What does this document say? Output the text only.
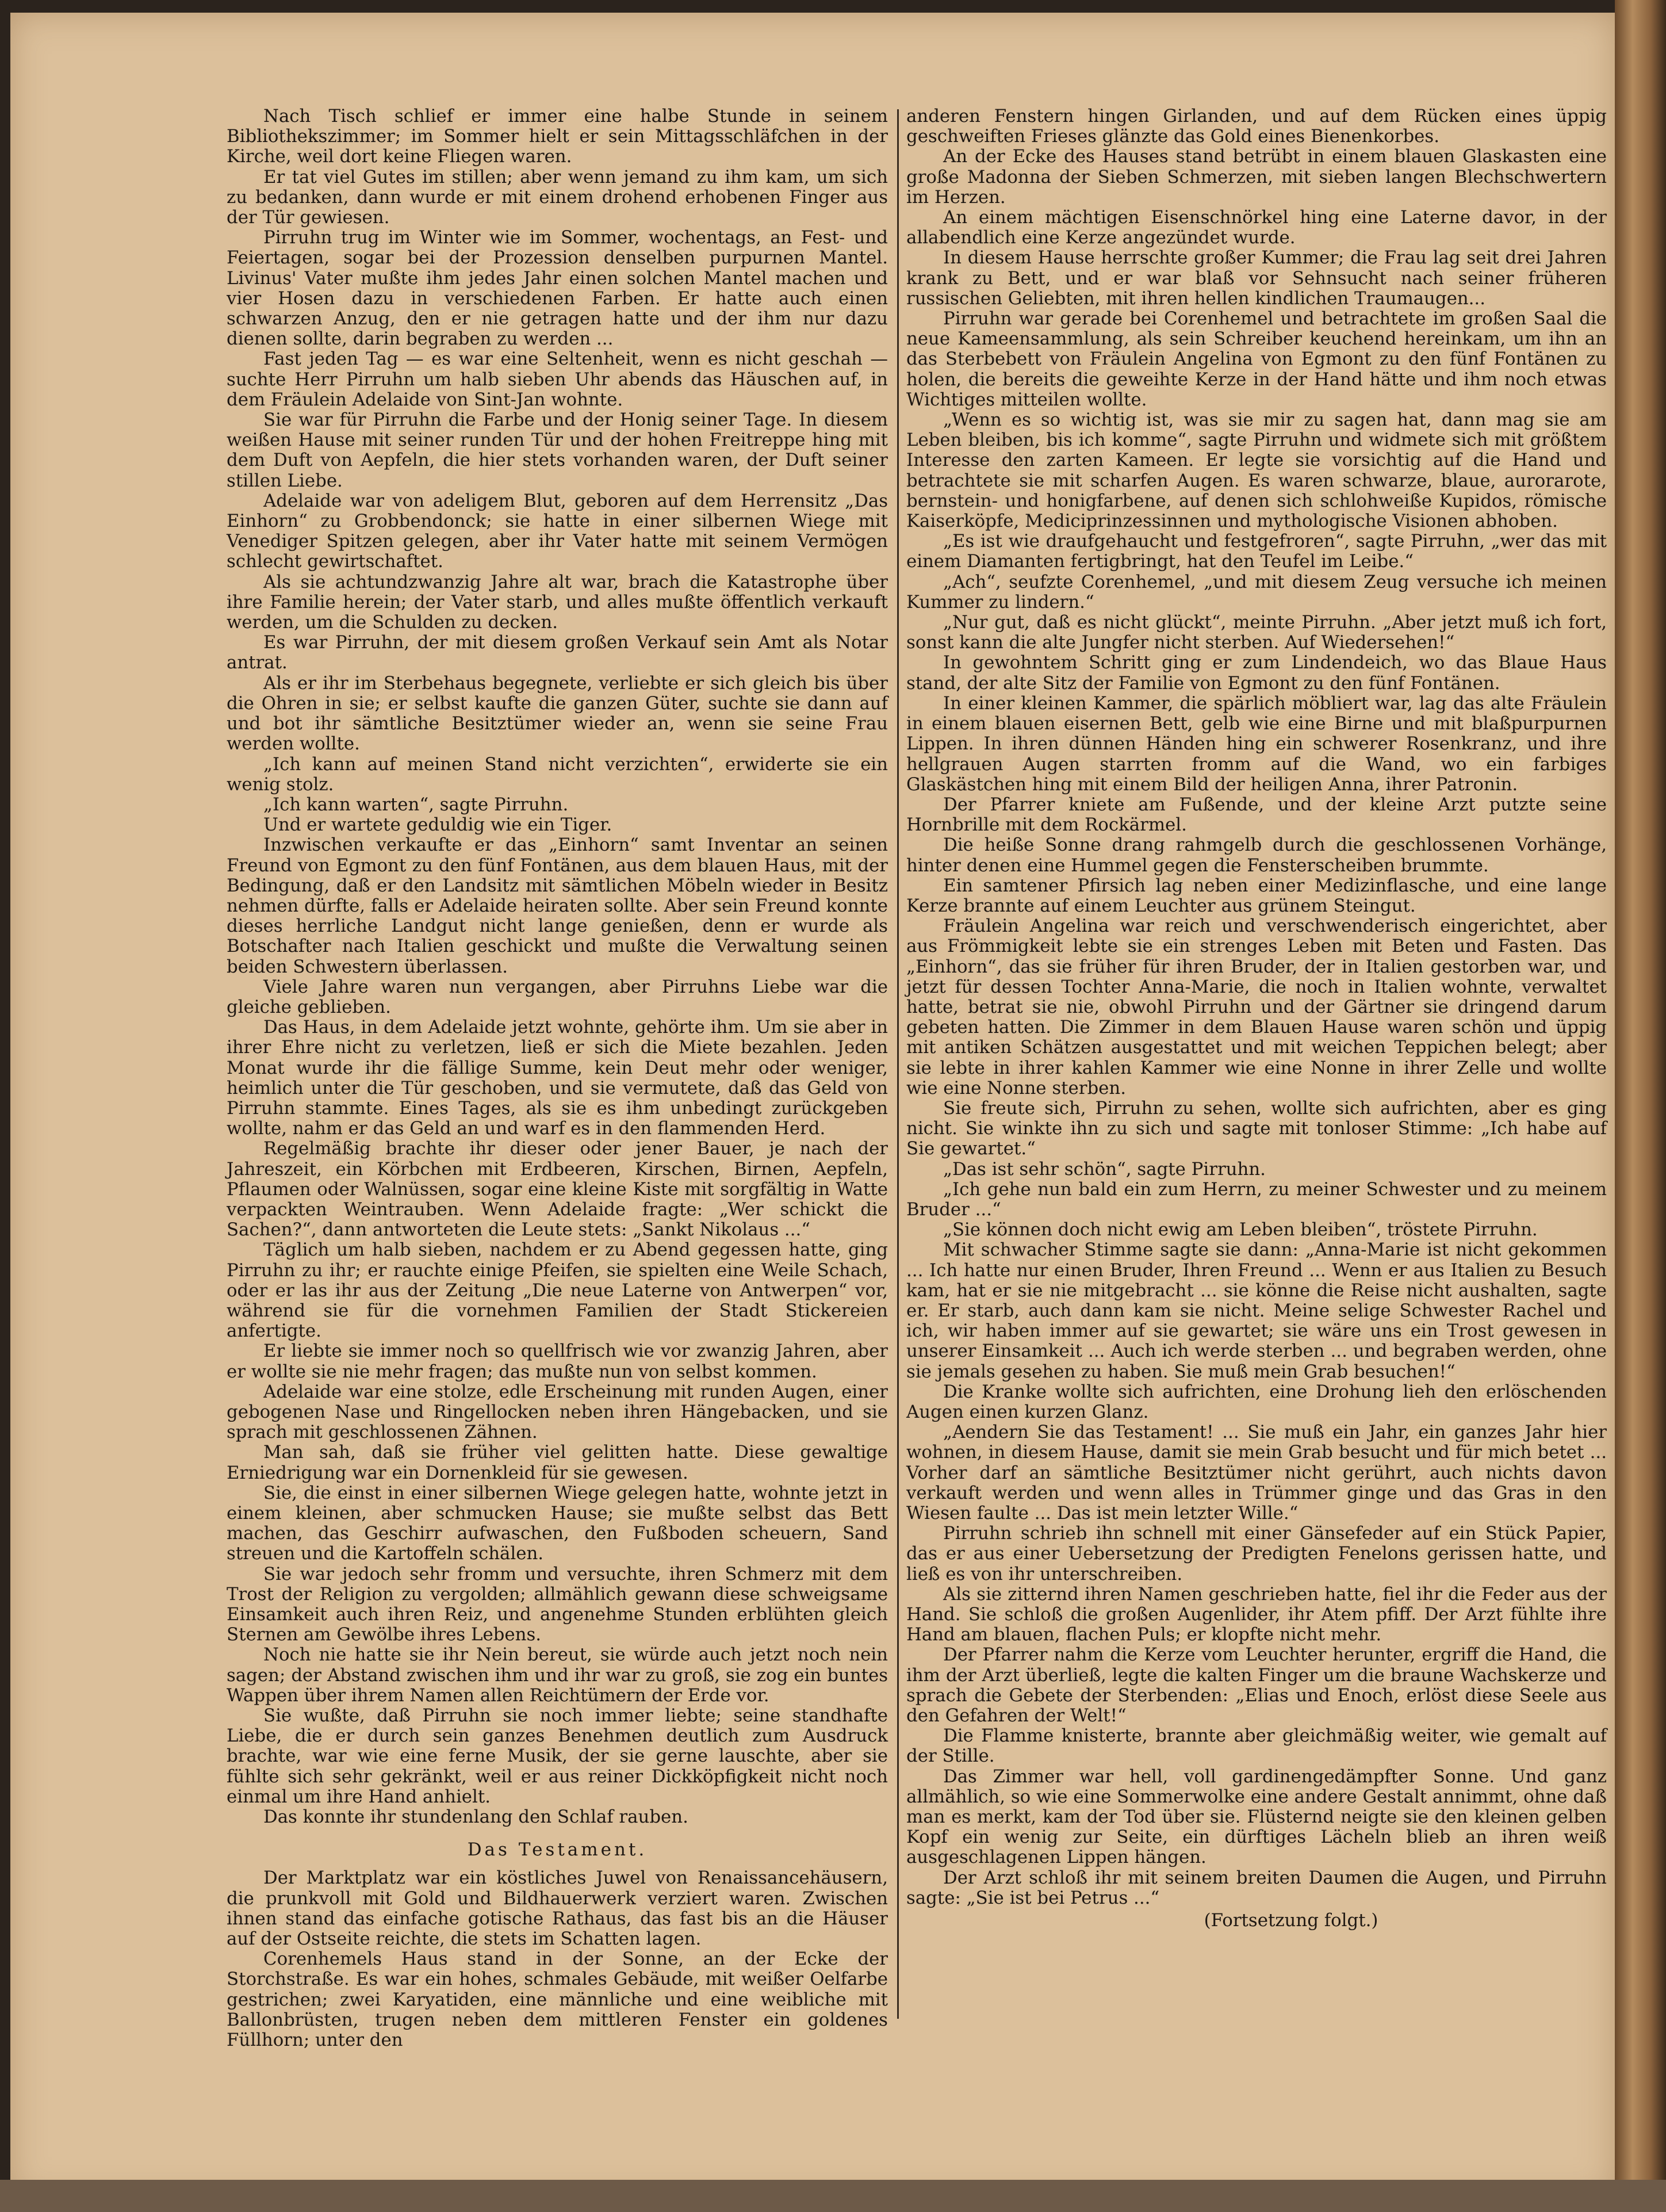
Nach Tisch schlief er immer eine halbe Stunde in seinem Bibliothekszimmer; im Sommer hielt er sein Mittagsschläfchen in der Kirche, weil dort keine Fliegen waren.

Er tat viel Gutes im stillen; aber wenn jemand zu ihm kam, um sich zu bedanken, dann wurde er mit einem drohend erhobenen Finger aus der Tür gewiesen.

Pirruhn trug im Winter wie im Sommer, wochentags, an Fest- und Feiertagen, sogar bei der Prozession denselben purpurnen Mantel. Livinus' Vater mußte ihm jedes Jahr einen solchen Mantel machen und vier Hosen dazu in verschiedenen Farben. Er hatte auch einen schwarzen Anzug, den er nie getragen hatte und der ihm nur dazu dienen sollte, darin begraben zu werden ...

Fast jeden Tag — es war eine Seltenheit, wenn es nicht geschah — suchte Herr Pirruhn um halb sieben Uhr abends das Häuschen auf, in dem Fräulein Adelaide von Sint-Jan wohnte.

Sie war für Pirruhn die Farbe und der Honig seiner Tage. In diesem weißen Hause mit seiner runden Tür und der hohen Freitreppe hing mit dem Duft von Aepfeln, die hier stets vorhanden waren, der Duft seiner stillen Liebe.

Adelaide war von adeligem Blut, geboren auf dem Herrensitz „Das Einhorn“ zu Grobbendonck; sie hatte in einer silbernen Wiege mit Venediger Spitzen gelegen, aber ihr Vater hatte mit seinem Vermögen schlecht gewirtschaftet.

Als sie achtundzwanzig Jahre alt war, brach die Katastrophe über ihre Familie herein; der Vater starb, und alles mußte öffentlich verkauft werden, um die Schulden zu decken.

Es war Pirruhn, der mit diesem großen Verkauf sein Amt als Notar antrat.

Als er ihr im Sterbehaus begegnete, verliebte er sich gleich bis über die Ohren in sie; er selbst kaufte die ganzen Güter, suchte sie dann auf und bot ihr sämtliche Besitztümer wieder an, wenn sie seine Frau werden wollte.

„Ich kann auf meinen Stand nicht verzichten“, erwiderte sie ein wenig stolz.

„Ich kann warten“, sagte Pirruhn.

Und er wartete geduldig wie ein Tiger.

Inzwischen verkaufte er das „Einhorn“ samt Inventar an seinen Freund von Egmont zu den fünf Fontänen, aus dem blauen Haus, mit der Bedingung, daß er den Landsitz mit sämtlichen Möbeln wieder in Besitz nehmen dürfte, falls er Adelaide heiraten sollte. Aber sein Freund konnte dieses herrliche Landgut nicht lange genießen, denn er wurde als Botschafter nach Italien geschickt und mußte die Verwaltung seinen beiden Schwestern überlassen.

Viele Jahre waren nun vergangen, aber Pirruhns Liebe war die gleiche geblieben.

Das Haus, in dem Adelaide jetzt wohnte, gehörte ihm. Um sie aber in ihrer Ehre nicht zu verletzen, ließ er sich die Miete bezahlen. Jeden Monat wurde ihr die fällige Summe, kein Deut mehr oder weniger, heimlich unter die Tür geschoben, und sie vermutete, daß das Geld von Pirruhn stammte. Eines Tages, als sie es ihm unbedingt zurückgeben wollte, nahm er das Geld an und warf es in den flammenden Herd.

Regelmäßig brachte ihr dieser oder jener Bauer, je nach der Jahreszeit, ein Körbchen mit Erdbeeren, Kirschen, Birnen, Aepfeln, Pflaumen oder Walnüssen, sogar eine kleine Kiste mit sorgfältig in Watte verpackten Weintrauben. Wenn Adelaide fragte: „Wer schickt die Sachen?“, dann antworteten die Leute stets: „Sankt Nikolaus ...“

Täglich um halb sieben, nachdem er zu Abend gegessen hatte, ging Pirruhn zu ihr; er rauchte einige Pfeifen, sie spielten eine Weile Schach, oder er las ihr aus der Zeitung „Die neue Laterne von Antwerpen“ vor, während sie für die vornehmen Familien der Stadt Stickereien anfertigte.

Er liebte sie immer noch so quellfrisch wie vor zwanzig Jahren, aber er wollte sie nie mehr fragen; das mußte nun von selbst kommen.

Adelaide war eine stolze, edle Erscheinung mit runden Augen, einer gebogenen Nase und Ringellocken neben ihren Hängebacken, und sie sprach mit geschlossenen Zähnen.

Man sah, daß sie früher viel gelitten hatte. Diese gewaltige Erniedrigung war ein Dornenkleid für sie gewesen.

Sie, die einst in einer silbernen Wiege gelegen hatte, wohnte jetzt in einem kleinen, aber schmucken Hause; sie mußte selbst das Bett machen, das Geschirr aufwaschen, den Fußboden scheuern, Sand streuen und die Kartoffeln schälen.

Sie war jedoch sehr fromm und versuchte, ihren Schmerz mit dem Trost der Religion zu vergolden; allmählich gewann diese schweigsame Einsamkeit auch ihren Reiz, und angenehme Stunden erblühten gleich Sternen am Gewölbe ihres Lebens.

Noch nie hatte sie ihr Nein bereut, sie würde auch jetzt noch nein sagen; der Abstand zwischen ihm und ihr war zu groß, sie zog ein buntes Wappen über ihrem Namen allen Reichtümern der Erde vor.

Sie wußte, daß Pirruhn sie noch immer liebte; seine standhafte Liebe, die er durch sein ganzes Benehmen deutlich zum Ausdruck brachte, war wie eine ferne Musik, der sie gerne lauschte, aber sie fühlte sich sehr gekränkt, weil er aus reiner Dickköpfigkeit nicht noch einmal um ihre Hand anhielt.

Das konnte ihr stundenlang den Schlaf rauben.

Das Testament.

Der Marktplatz war ein köstliches Juwel von Renaissancehäusern, die prunkvoll mit Gold und Bildhauerwerk verziert waren. Zwischen ihnen stand das einfache gotische Rathaus, das fast bis an die Häuser auf der Ostseite reichte, die stets im Schatten lagen.

Corenhemels Haus stand in der Sonne, an der Ecke der Storchstraße. Es war ein hohes, schmales Gebäude, mit weißer Oelfarbe gestrichen; zwei Karyatiden, eine männliche und eine weibliche mit Ballonbrüsten, trugen neben dem mittleren Fenster ein goldenes Füllhorn; unter den

anderen Fenstern hingen Girlanden, und auf dem Rücken eines üppig geschweiften Frieses glänzte das Gold eines Bienenkorbes.

An der Ecke des Hauses stand betrübt in einem blauen Glaskasten eine große Madonna der Sieben Schmerzen, mit sieben langen Blechschwertern im Herzen.

An einem mächtigen Eisenschnörkel hing eine Laterne davor, in der allabendlich eine Kerze angezündet wurde.

In diesem Hause herrschte großer Kummer; die Frau lag seit drei Jahren krank zu Bett, und er war blaß vor Sehnsucht nach seiner früheren russischen Geliebten, mit ihren hellen kindlichen Traumaugen...

Pirruhn war gerade bei Corenhemel und betrachtete im großen Saal die neue Kameensammlung, als sein Schreiber keuchend hereinkam, um ihn an das Sterbebett von Fräulein Angelina von Egmont zu den fünf Fontänen zu holen, die bereits die geweihte Kerze in der Hand hätte und ihm noch etwas Wichtiges mitteilen wollte.

„Wenn es so wichtig ist, was sie mir zu sagen hat, dann mag sie am Leben bleiben, bis ich komme“, sagte Pirruhn und widmete sich mit größtem Interesse den zarten Kameen. Er legte sie vorsichtig auf die Hand und betrachtete sie mit scharfen Augen. Es waren schwarze, blaue, aurorarote, bernstein- und honigfarbene, auf denen sich schlohweiße Kupidos, römische Kaiserköpfe, Mediciprinzessinnen und mythologische Visionen abhoben.

„Es ist wie draufgehaucht und festgefroren“, sagte Pirruhn, „wer das mit einem Diamanten fertigbringt, hat den Teufel im Leibe.“

„Ach“, seufzte Corenhemel, „und mit diesem Zeug versuche ich meinen Kummer zu lindern.“

„Nur gut, daß es nicht glückt“, meinte Pirruhn. „Aber jetzt muß ich fort, sonst kann die alte Jungfer nicht sterben. Auf Wiedersehen!“

In gewohntem Schritt ging er zum Lindendeich, wo das Blaue Haus stand, der alte Sitz der Familie von Egmont zu den fünf Fontänen.

In einer kleinen Kammer, die spärlich möbliert war, lag das alte Fräulein in einem blauen eisernen Bett, gelb wie eine Birne und mit blaßpurpurnen Lippen. In ihren dünnen Händen hing ein schwerer Rosenkranz, und ihre hellgrauen Augen starrten fromm auf die Wand, wo ein farbiges Glaskästchen hing mit einem Bild der heiligen Anna, ihrer Patronin.

Der Pfarrer kniete am Fußende, und der kleine Arzt putzte seine Hornbrille mit dem Rockärmel.

Die heiße Sonne drang rahmgelb durch die geschlossenen Vorhänge, hinter denen eine Hummel gegen die Fensterscheiben brummte.

Ein samtener Pfirsich lag neben einer Medizinflasche, und eine lange Kerze brannte auf einem Leuchter aus grünem Steingut.

Fräulein Angelina war reich und verschwenderisch eingerichtet, aber aus Frömmigkeit lebte sie ein strenges Leben mit Beten und Fasten. Das „Einhorn“, das sie früher für ihren Bruder, der in Italien gestorben war, und jetzt für dessen Tochter Anna-Marie, die noch in Italien wohnte, verwaltet hatte, betrat sie nie, obwohl Pirruhn und der Gärtner sie dringend darum gebeten hatten. Die Zimmer in dem Blauen Hause waren schön und üppig mit antiken Schätzen ausgestattet und mit weichen Teppichen belegt; aber sie lebte in ihrer kahlen Kammer wie eine Nonne in ihrer Zelle und wollte wie eine Nonne sterben.

Sie freute sich, Pirruhn zu sehen, wollte sich aufrichten, aber es ging nicht. Sie winkte ihn zu sich und sagte mit tonloser Stimme: „Ich habe auf Sie gewartet.“

„Das ist sehr schön“, sagte Pirruhn.

„Ich gehe nun bald ein zum Herrn, zu meiner Schwester und zu meinem Bruder ...“

„Sie können doch nicht ewig am Leben bleiben“, tröstete Pirruhn.

Mit schwacher Stimme sagte sie dann: „Anna-Marie ist nicht gekommen ... Ich hatte nur einen Bruder, Ihren Freund ... Wenn er aus Italien zu Besuch kam, hat er sie nie mitgebracht ... sie könne die Reise nicht aushalten, sagte er. Er starb, auch dann kam sie nicht. Meine selige Schwester Rachel und ich, wir haben immer auf sie gewartet; sie wäre uns ein Trost gewesen in unserer Einsamkeit ... Auch ich werde sterben ... und begraben werden, ohne sie jemals gesehen zu haben. Sie muß mein Grab besuchen!“

Die Kranke wollte sich aufrichten, eine Drohung lieh den erlöschenden Augen einen kurzen Glanz.

„Aendern Sie das Testament! ... Sie muß ein Jahr, ein ganzes Jahr hier wohnen, in diesem Hause, damit sie mein Grab besucht und für mich betet ... Vorher darf an sämtliche Besitztümer nicht gerührt, auch nichts davon verkauft werden und wenn alles in Trümmer ginge und das Gras in den Wiesen faulte ... Das ist mein letzter Wille.“

Pirruhn schrieb ihn schnell mit einer Gänsefeder auf ein Stück Papier, das er aus einer Uebersetzung der Predigten Fenelons gerissen hatte, und ließ es von ihr unterschreiben.

Als sie zitternd ihren Namen geschrieben hatte, fiel ihr die Feder aus der Hand. Sie schloß die großen Augenlider, ihr Atem pfiff. Der Arzt fühlte ihre Hand am blauen, flachen Puls; er klopfte nicht mehr.

Der Pfarrer nahm die Kerze vom Leuchter herunter, ergriff die Hand, die ihm der Arzt überließ, legte die kalten Finger um die braune Wachskerze und sprach die Gebete der Sterbenden: „Elias und Enoch, erlöst diese Seele aus den Gefahren der Welt!“

Die Flamme knisterte, brannte aber gleichmäßig weiter, wie gemalt auf der Stille.

Das Zimmer war hell, voll gardinengedämpfter Sonne. Und ganz allmählich, so wie eine Sommerwolke eine andere Gestalt annimmt, ohne daß man es merkt, kam der Tod über sie. Flüsternd neigte sie den kleinen gelben Kopf ein wenig zur Seite, ein dürftiges Lächeln blieb an ihren weiß ausgeschlagenen Lippen hängen.

Der Arzt schloß ihr mit seinem breiten Daumen die Augen, und Pirruhn sagte: „Sie ist bei Petrus ...“

(Fortsetzung folgt.)
